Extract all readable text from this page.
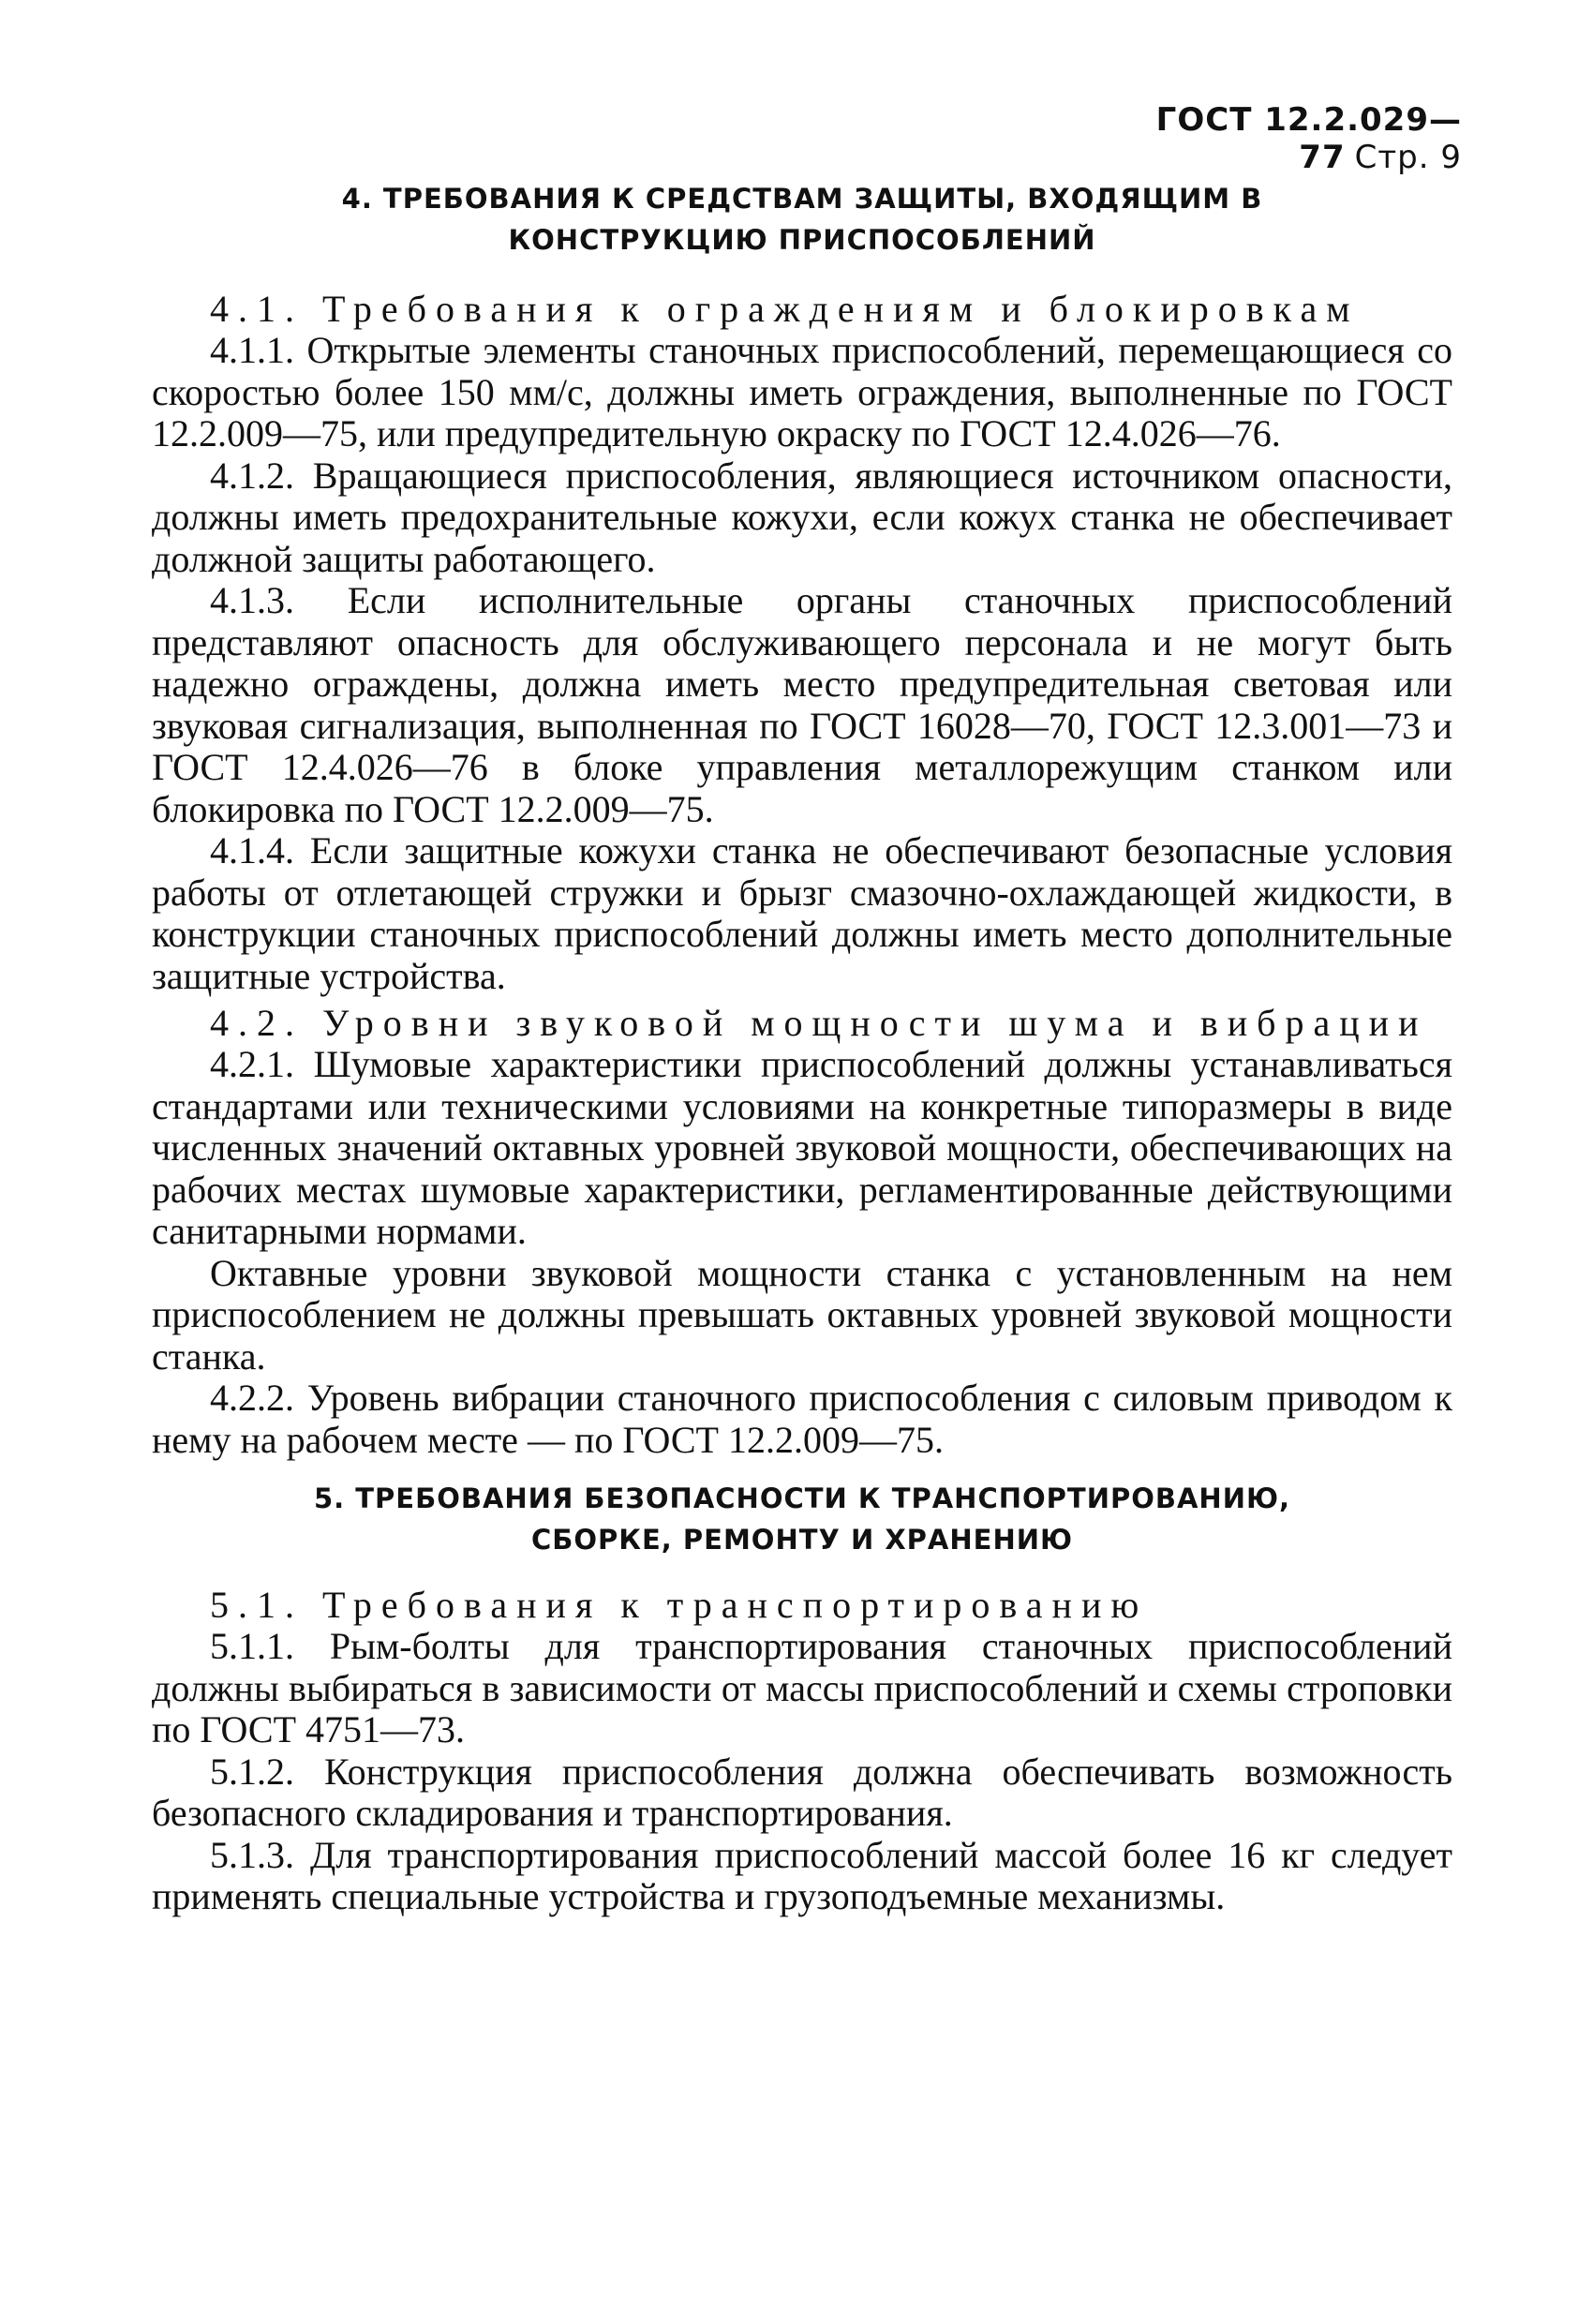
ГОСТ 12.2.029—77 Стр. 9
4. ТРЕБОВАНИЯ К СРЕДСТВАМ ЗАЩИТЫ, ВХОДЯЩИМ В
КОНСТРУКЦИЮ ПРИСПОСОБЛЕНИЙ

4.1. Требования к ограждениям и блокировкам

4.1.1. Открытые элементы станочных приспособлений, перемещающиеся со скоростью более 150 мм/с, должны иметь ограждения, выполненные по ГОСТ 12.2.009—75, или предупредительную окраску по ГОСТ 12.4.026—76.

4.1.2. Вращающиеся приспособления, являющиеся источником опасности, должны иметь предохранительные кожухи, если кожух станка не обеспечивает должной защиты работающего.

4.1.3. Если исполнительные органы станочных приспособлений представляют опасность для обслуживающего персонала и не могут быть надежно ограждены, должна иметь место предупредительная световая или звуковая сигнализация, выполненная по ГОСТ 16028—70, ГОСТ 12.3.001—73 и ГОСТ 12.4.026—76 в блоке управления металлорежущим станком или блокировка по ГОСТ 12.2.009—75.

4.1.4. Если защитные кожухи станка не обеспечивают безопасные условия работы от отлетающей стружки и брызг смазочно-охлаждающей жидкости, в конструкции станочных приспособлений должны иметь место дополнительные защитные устройства.

4.2. Уровни звуковой мощности шума и вибрации

4.2.1. Шумовые характеристики приспособлений должны устанавливаться стандартами или техническими условиями на конкретные типоразмеры в виде численных значений октавных уровней звуковой мощности, обеспечивающих на рабочих местах шумовые характеристики, регламентированные действующими санитарными нормами.

Октавные уровни звуковой мощности станка с установленным на нем приспособлением не должны превышать октавных уровней звуковой мощности станка.

4.2.2. Уровень вибрации станочного приспособления с силовым приводом к нему на рабочем месте — по ГОСТ 12.2.009—75.

5. ТРЕБОВАНИЯ БЕЗОПАСНОСТИ К ТРАНСПОРТИРОВАНИЮ,
СБОРКЕ, РЕМОНТУ И ХРАНЕНИЮ

5.1. Требования к транспортированию

5.1.1. Рым-болты для транспортирования станочных приспособлений должны выбираться в зависимости от массы приспособлений и схемы строповки по ГОСТ 4751—73.

5.1.2. Конструкция приспособления должна обеспечивать возможность безопасного складирования и транспортирования.

5.1.3. Для транспортирования приспособлений массой более 16 кг следует применять специальные устройства и грузоподъемные механизмы.
